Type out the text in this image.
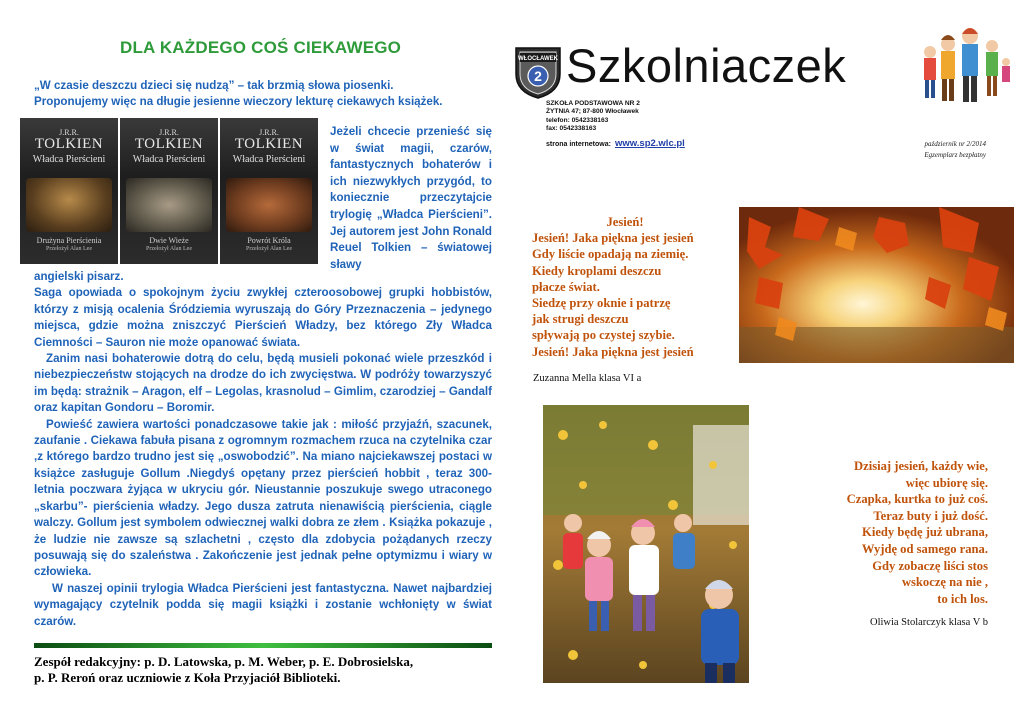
DLA KAŻDEGO COŚ CIEKAWEGO
„W czasie deszczu dzieci się nudzą” – tak brzmią słowa piosenki.
Proponujemy więc na długie jesienne wieczory lekturę ciekawych książek.
J.R.R.
TOLKIEN
Władca Pierścieni
Drużyna Pierścienia
Przełożył Alan Lee
J.R.R.
TOLKIEN
Władca Pierścieni
Dwie Wieże
Przełożył Alan Lee
J.R.R.
TOLKIEN
Władca Pierścieni
Powrót Króla
Przełożył Alan Lee
Jeżeli chcecie przenieść się w świat magii, czarów, fantastycznych bohaterów i ich niezwykłych przygód, to koniecznie przeczytajcie trylogię „Władca Pierścieni”. Jej autorem jest John Ronald Reuel Tolkien – światowej sławy

angielski pisarz.

Saga opowiada o spokojnym życiu zwykłej czteroosobowej grupki hobbistów, którzy z misją ocalenia Śródziemia wyruszają do Góry Przeznaczenia – jedynego miejsca, gdzie można zniszczyć Pierścień Władzy, bez którego Zły Władca Ciemności – Sauron nie może opanować świata.

Zanim nasi bohaterowie dotrą do celu, będą musieli pokonać wiele przeszkód i niebezpieczeństw stojących na drodze do ich zwycięstwa. W podróży towarzyszyć im będą: strażnik – Aragon, elf – Legolas, krasnolud – Gimlim, czarodziej – Gandalf oraz kapitan Gondoru – Boromir.

Powieść zawiera wartości ponadczasowe takie jak : miłość przyjaźń, szacunek, zaufanie . Ciekawa fabuła pisana z ogromnym rozmachem rzuca na czytelnika czar ,z którego bardzo trudno jest się „oswobodzić”. Na miano najciekawszej postaci w książce zasługuje Gollum .Niegdyś opętany przez pierścień hobbit , teraz 300-letnia poczwara żyjąca w ukryciu gór. Nieustannie poszukuje swego utraconego „skarbu”- pierścienia władzy. Jego dusza zatruta nienawiścią pierścienia, ciągle walczy. Gollum jest symbolem odwiecznej walki dobra ze złem . Książka pokazuje , że ludzie nie zawsze są szlachetni , często dla zdobycia pożądanych rzeczy posuwają się do szaleństwa . Zakończenie jest jednak pełne optymizmu i wiary w człowieka.

W naszej opinii trylogia Władca Pierścieni jest fantastyczna. Nawet najbardziej wymagający czytelnik podda się magii książki i zostanie wchłonięty w świat czarów.

Zespół redakcyjny: p. D. Latowska, p. M. Weber, p. E. Dobrosielska,
p. P. Reroń oraz uczniowie z Koła Przyjaciół Biblioteki.
WŁOCŁAWEK
2 Szkolniaczek
SZKOŁA PODSTAWOWA NR 2
ŻYTNIA 47; 87-800 Włocławek
telefon: 0542338163
fax: 0542338163
strona internetowa: www.sp2.wlc.pl	październik nr 2/2014
Egzemplarz bezpłatny
Jesień!
Jesień! Jaka piękna jest jesień
Gdy liście opadają na ziemię.
Kiedy kroplami deszczu
płacze świat.
Siedzę przy oknie i patrzę
jak strugi deszczu
spływają po czystej szybie.
Jesień! Jaka piękna jest jesień
Zuzanna Mella klasa VI a
Dzisiaj jesień, każdy wie,
więc ubiorę się.
Czapka, kurtka to już coś.
Teraz buty i już dość.
Kiedy będę już ubrana,
Wyjdę od samego rana.
Gdy zobaczę liści stos
wskoczę na nie ,
to ich los.
Oliwia Stolarczyk klasa V b
